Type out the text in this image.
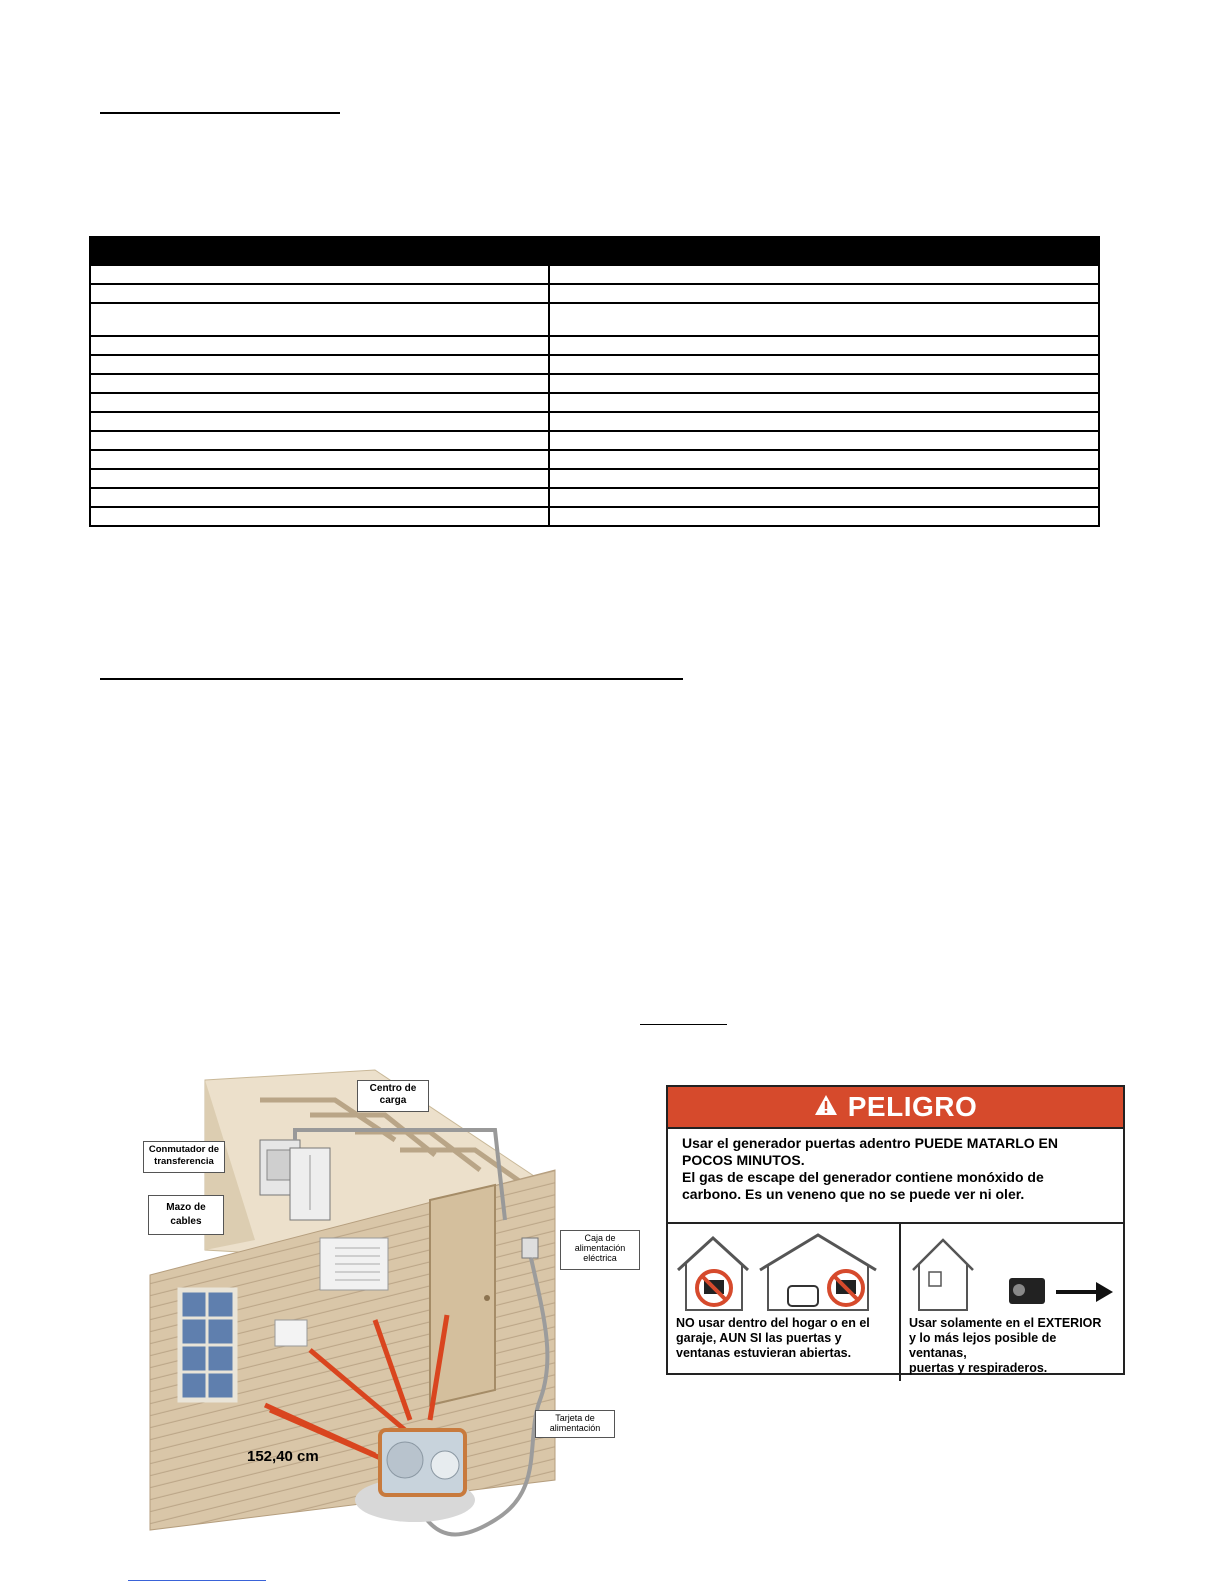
Centro de
carga
Conmutador de
transferencia
Mazo de
cables
Caja de
alimentación
eléctrica
Tarjeta de
alimentación
152,40 cm
PELIGRO
Usar el generador puertas adentro PUEDE MATARLO EN
POCOS MINUTOS.
El gas de escape del generador contiene monóxido de
carbono. Es un veneno que no se puede ver ni oler.
NO usar dentro del hogar o en el
garaje, AUN SI las puertas y
ventanas estuvieran abiertas.
Usar solamente en el EXTERIOR
y lo más lejos posible de ventanas,
puertas y respiraderos.
